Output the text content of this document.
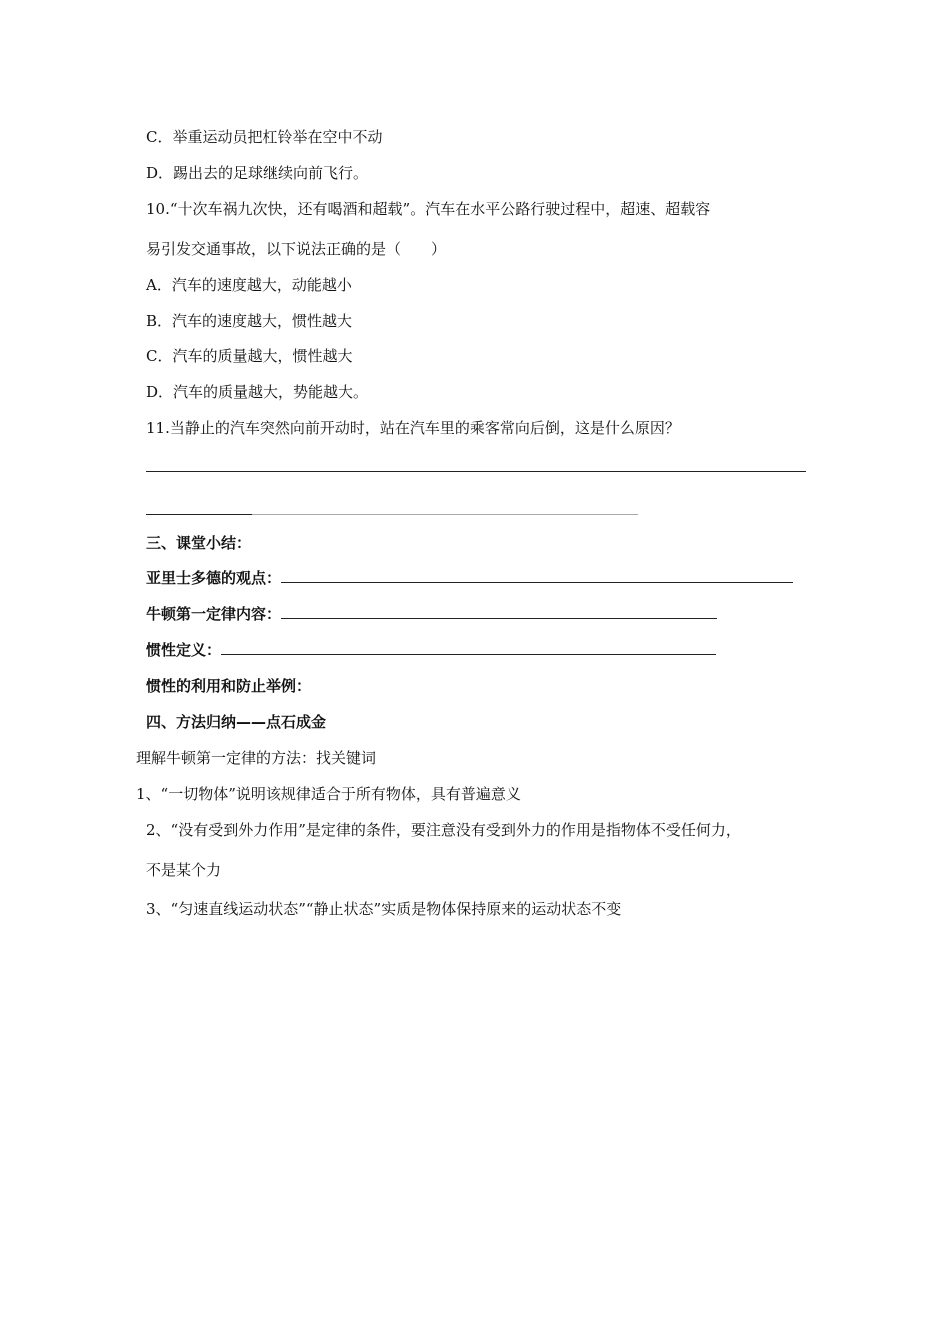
C．举重运动员把杠铃举在空中不动
D．踢出去的足球继续向前飞行。
10.“十次车祸九次快，还有喝酒和超载”。汽车在水平公路行驶过程中，超速、超载容
易引发交通事故，以下说法正确的是（　　）
A．汽车的速度越大，动能越小
B．汽车的速度越大，惯性越大
C．汽车的质量越大，惯性越大
D．汽车的质量越大，势能越大。
11.当静止的汽车突然向前开动时，站在汽车里的乘客常向后倒，这是什么原因？
三、课堂小结：
亚里士多德的观点：
牛顿第一定律内容：
惯性定义：
惯性的利用和防止举例：
四、方法归纳——点石成金
理解牛顿第一定律的方法：找关键词
1、“一切物体”说明该规律适合于所有物体，具有普遍意义
2、“没有受到外力作用”是定律的条件，要注意没有受到外力的作用是指物体不受任何力，
不是某个力
3、“匀速直线运动状态”“静止状态”实质是物体保持原来的运动状态不变
